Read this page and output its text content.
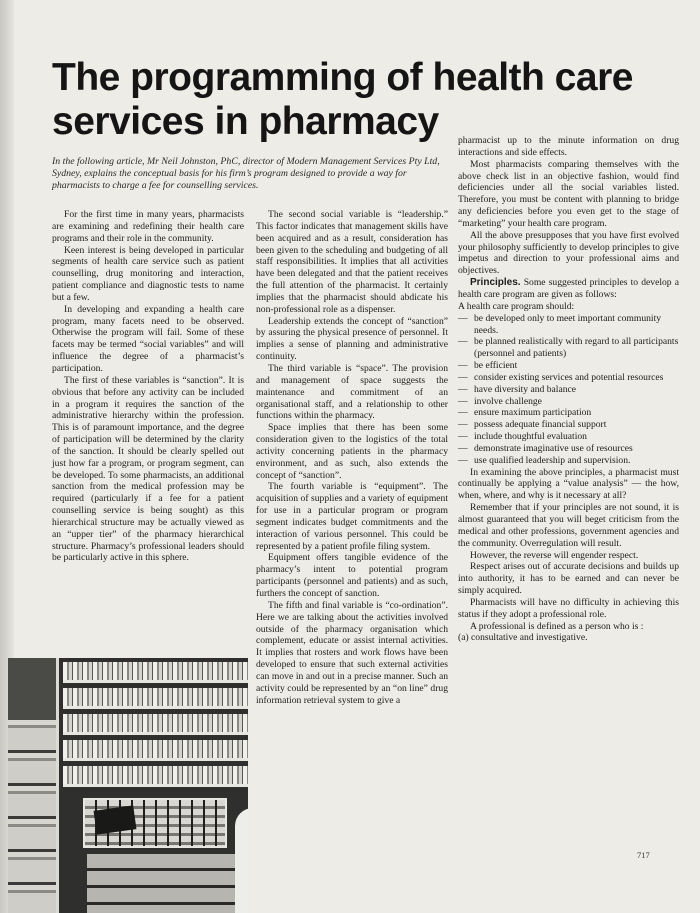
The programming of health care services in pharmacy

In the following article, Mr Neil Johnston, PhC, director of Modern Management Services Pty Ltd, Sydney, explains the conceptual basis for his firm’s program designed to provide a way for pharmacists to charge a fee for counselling services.

For the first time in many years, pharmacists are examining and redefining their health care programs and their role in the community.

Keen interest is being developed in particular segments of health care service such as patient counselling, drug monitoring and interaction, patient compliance and diagnostic tests to name but a few.

In developing and expanding a health care program, many facets need to be observed. Otherwise the program will fail. Some of these facets may be termed “social variables” and will influence the degree of a pharmacist’s participation.

The first of these variables is “sanction”. It is obvious that before any activity can be included in a program it requires the sanction of the administrative hierarchy within the profession. This is of paramount importance, and the degree of participation will be determined by the clarity of the sanction. It should be clearly spelled out just how far a program, or program segment, can be developed. To some pharmacists, an additional sanction from the medical profession may be required (particularly if a fee for a patient counselling service is being sought) as this hierarchical structure may be actually viewed as an “upper tier” of the pharmacy hierarchical structure. Pharmacy’s professional leaders should be particularly active in this sphere.

The second social variable is “leadership.” This factor indicates that management skills have been acquired and as a result, consideration has been given to the scheduling and budgeting of all staff responsibilities. It implies that all activities have been delegated and that the patient receives the full attention of the pharmacist. It certainly implies that the pharmacist should abdicate his non-professional role as a dispenser.

Leadership extends the concept of “sanction” by assuring the physical presence of personnel. It implies a sense of planning and administrative continuity.

The third variable is “space”. The provision and management of space suggests the maintenance and commitment of an organisational staff, and a relationship to other functions within the pharmacy.

Space implies that there has been some consideration given to the logistics of the total activity concerning patients in the pharmacy environment, and as such, also extends the concept of “sanction”.

The fourth variable is “equipment”. The acquisition of supplies and a variety of equipment for use in a particular program or program segment indicates budget commitments and the interaction of various personnel. This could be represented by a patient profile filing system.

Equipment offers tangible evidence of the pharmacy’s intent to potential program participants (personnel and patients) and as such, furthers the concept of sanction.

The fifth and final variable is “co-ordination”. Here we are talking about the activities involved outside of the pharmacy organisation which complement, educate or assist internal activities. It implies that rosters and work flows have been developed to ensure that such external activities can move in and out in a precise manner. Such an activity could be represented by an “on line” drug information retrieval system to give a

pharmacist up to the minute information on drug interactions and side effects.

Most pharmacists comparing themselves with the above check list in an objective fashion, would find deficiencies under all the social variables listed. Therefore, you must be content with planning to bridge any deficiencies before you even get to the stage of “marketing” your health care program.

All the above presupposes that you have first evolved your philosophy sufficiently to develop principles to give impetus and direction to your professional aims and objectives.

Principles. Some suggested principles to develop a health care program are given as follows:

A health care program should:

— be developed only to meet important community needs.
— be planned realistically with regard to all participants (personnel and patients)
— be efficient
— consider existing services and potential resources
— have diversity and balance
— involve challenge
— ensure maximum participation
— possess adequate financial support
— include thoughtful evaluation
— demonstrate imaginative use of resources
— use qualified leadership and supervision.

In examining the above principles, a pharmacist must continually be applying a “value analysis” — the how, when, where, and why is it necessary at all?

Remember that if your principles are not sound, it is almost guaranteed that you will beget criticism from the medical and other professions, government agencies and the community. Overregulation will result.

However, the reverse will engender respect.

Respect arises out of accurate decisions and builds up into authority, it has to be earned and can never be simply acquired.

Pharmacists will have no difficulty in achieving this status if they adopt a professional role.

A professional is defined as a person who is :

(a) consultative and investigative.

717
